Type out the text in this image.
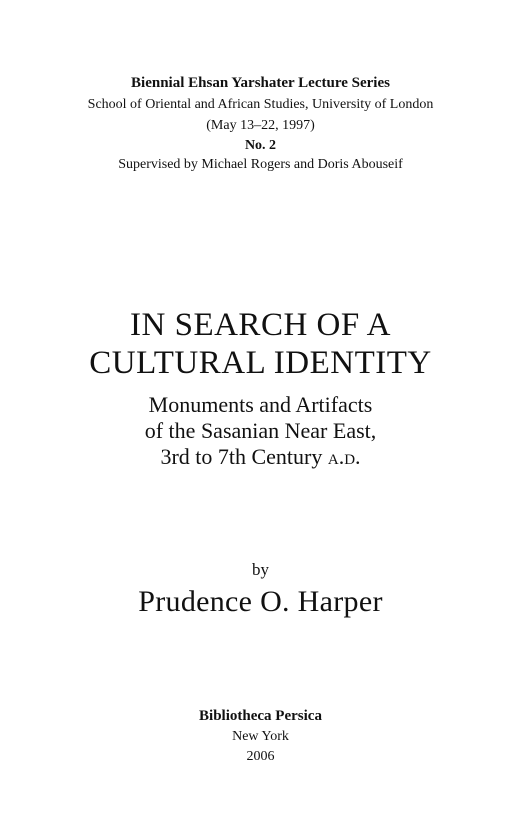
Biennial Ehsan Yarshater Lecture Series
School of Oriental and African Studies, University of London
(May 13–22, 1997)
No. 2
Supervised by Michael Rogers and Doris Abouseif
IN SEARCH OF A
CULTURAL IDENTITY
Monuments and Artifacts
of the Sasanian Near East,
3rd to 7th Century a.d.
by
Prudence O. Harper
Bibliotheca Persica
New York
2006
